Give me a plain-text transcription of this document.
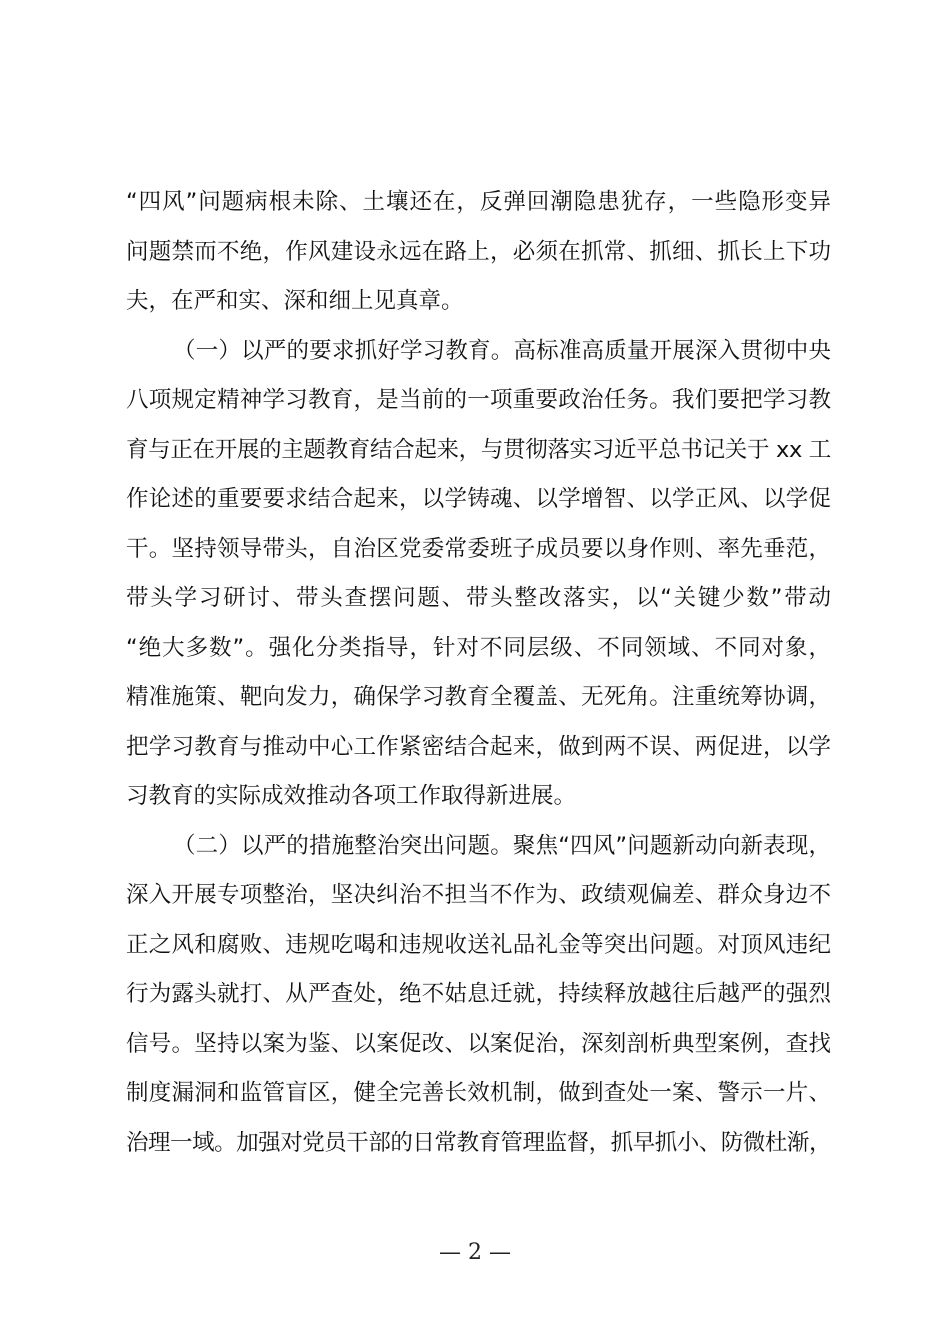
“四风”问题病根未除、土壤还在，反弹回潮隐患犹存，一些隐形变异
问题禁而不绝，作风建设永远在路上，必须在抓常、抓细、抓长上下功
夫，在严和实、深和细上见真章。
（一）以严的要求抓好学习教育。高标准高质量开展深入贯彻中央
八项规定精神学习教育，是当前的一项重要政治任务。我们要把学习教
育与正在开展的主题教育结合起来，与贯彻落实习近平总书记关于 xx 工
作论述的重要要求结合起来，以学铸魂、以学增智、以学正风、以学促
干。坚持领导带头，自治区党委常委班子成员要以身作则、率先垂范，
带头学习研讨、带头查摆问题、带头整改落实，以“关键少数”带动
“绝大多数”。强化分类指导，针对不同层级、不同领域、不同对象，
精准施策、靶向发力，确保学习教育全覆盖、无死角。注重统筹协调，
把学习教育与推动中心工作紧密结合起来，做到两不误、两促进，以学
习教育的实际成效推动各项工作取得新进展。
（二）以严的措施整治突出问题。聚焦“四风”问题新动向新表现，
深入开展专项整治，坚决纠治不担当不作为、政绩观偏差、群众身边不
正之风和腐败、违规吃喝和违规收送礼品礼金等突出问题。对顶风违纪
行为露头就打、从严查处，绝不姑息迁就，持续释放越往后越严的强烈
信号。坚持以案为鉴、以案促改、以案促治，深刻剖析典型案例，查找
制度漏洞和监管盲区，健全完善长效机制，做到查处一案、警示一片、
治理一域。加强对党员干部的日常教育管理监督，抓早抓小、防微杜渐，
— 2 —
